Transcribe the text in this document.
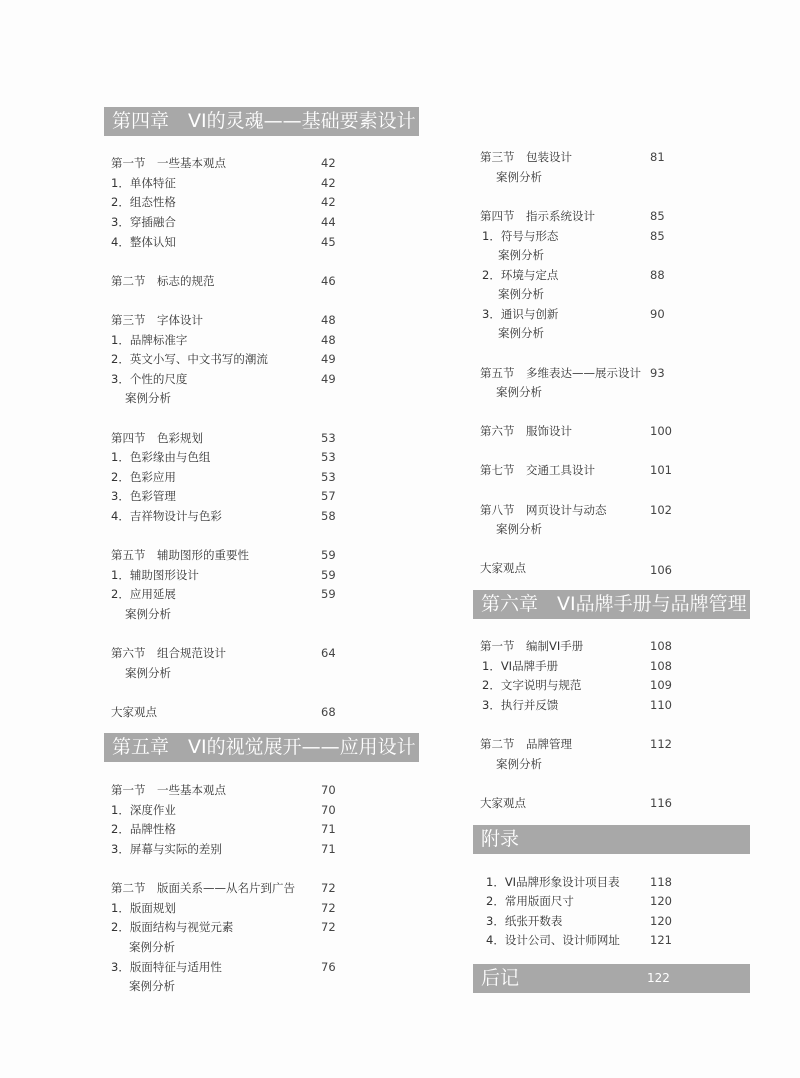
第四章　VI的灵魂——基础要素设计
第一节　一些基本观点	42
1．单体特征	42
2．组态性格	42
3．穿插融合	44
4．整体认知	45
第二节　标志的规范	46
第三节　字体设计	48
1．品牌标准字	48
2．英文小写、中文书写的潮流	49
3．个性的尺度	49
案例分析
第四节　色彩规划	53
1．色彩缘由与色组	53
2．色彩应用	53
3．色彩管理	57
4．吉祥物设计与色彩	58
第五节　辅助图形的重要性	59
1．辅助图形设计	59
2．应用延展	59
案例分析
第六节　组合规范设计	64
案例分析
大家观点	68
第五章　VI的视觉展开——应用设计
第一节　一些基本观点	70
1．深度作业	70
2．品牌性格	71
3．屏幕与实际的差别	71
第二节　版面关系——从名片到广告 72
1．版面规划	72
2．版面结构与视觉元素	72
案例分析
3．版面特征与适用性	76
案例分析
第三节　包装设计	81
案例分析
第四节　指示系统设计	85
1．符号与形态	85
案例分析
2．环境与定点	88
案例分析
3．通识与创新	90
案例分析
第五节　多维表达——展示设计 93
案例分析
第六节　服饰设计	100
第七节　交通工具设计	101
第八节　网页设计与动态	102
案例分析
大家观点	106
第六章　VI品牌手册与品牌管理
第一节　编制VI手册	108
1．VI品牌手册	108
2．文字说明与规范	109
3．执行并反馈	110
第二节　品牌管理	112
案例分析
大家观点	116
附录
1．VI品牌形象设计项目表	118
2．常用版面尺寸	120
3．纸张开数表	120
4．设计公司、设计师网址	121
后记	122
